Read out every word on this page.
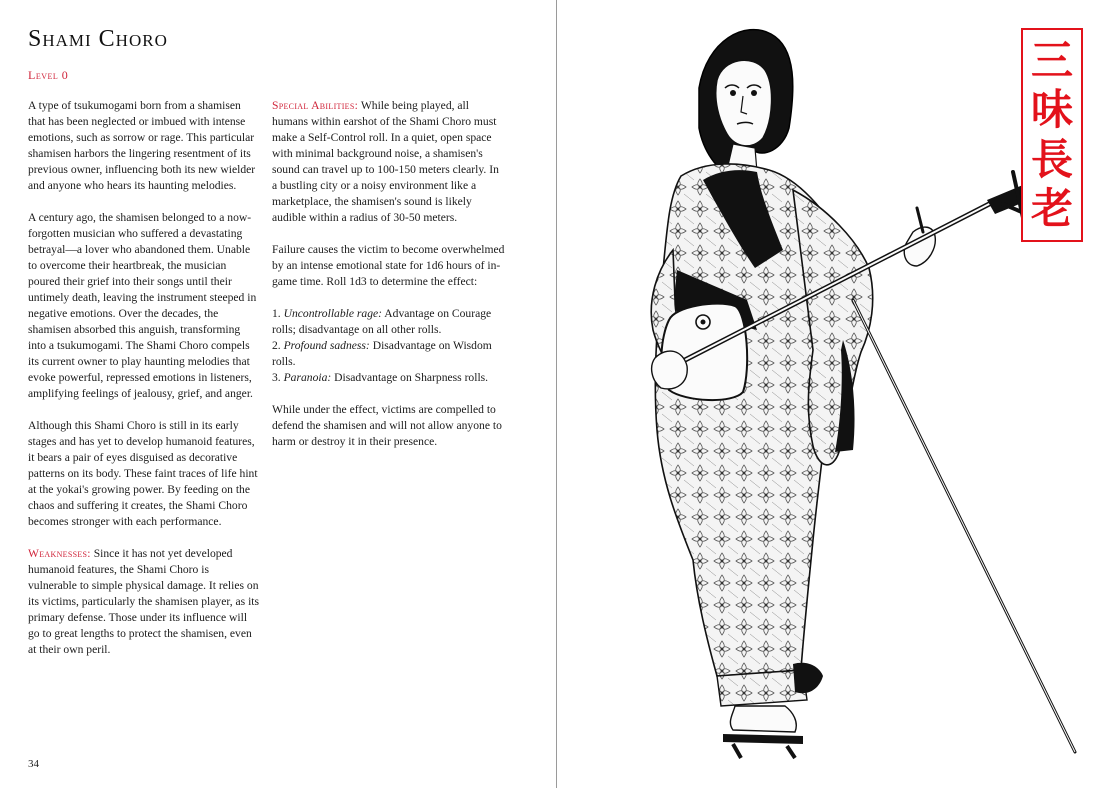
Shami Choro
Level 0

A type of tsukumogami born from a shamisen that has been neglected or imbued with intense emotions, such as sorrow or rage. This particular shamisen harbors the lingering resentment of its previous owner, influencing both its new wielder and anyone who hears its haunting melodies.

A century ago, the shamisen belonged to a now-forgotten musician who suffered a devastating betrayal—a lover who abandoned them. Unable to overcome their heartbreak, the musician poured their grief into their songs until their untimely death, leaving the instrument steeped in negative emotions. Over the decades, the shamisen absorbed this anguish, transforming into a tsukumogami. The Shami Choro compels its current owner to play haunting melodies that evoke powerful, repressed emotions in listeners, amplifying feelings of jealousy, grief, and anger.

Although this Shami Choro is still in its early stages and has yet to develop humanoid features, it bears a pair of eyes disguised as decorative patterns on its body. These faint traces of life hint at the yokai's growing power. By feeding on the chaos and suffering it creates, the Shami Choro becomes stronger with each performance.

Weaknesses: Since it has not yet developed humanoid features, the Shami Choro is vulnerable to simple physical damage. It relies on its victims, particularly the shamisen player, as its primary defense. Those under its influence will go to great lengths to protect the shamisen, even at their own peril.

Special Abilities: While being played, all humans within earshot of the Shami Choro must make a Self-Control roll. In a quiet, open space with minimal background noise, a shamisen's sound can travel up to 100-150 meters clearly. In a bustling city or a noisy environment like a marketplace, the shamisen's sound is likely audible within a radius of 30-50 meters.

Failure causes the victim to become overwhelmed by an intense emotional state for 1d6 hours of in-game time. Roll 1d3 to determine the effect:

1. Uncontrollable rage: Advantage on Courage rolls; disadvantage on all other rolls.
2. Profound sadness: Disadvantage on Wisdom rolls.
3. Paranoia: Disadvantage on Sharpness rolls.

While under the effect, victims are compelled to defend the shamisen and will not allow anyone to harm or destroy it in their presence.

34
三
味
長
老
